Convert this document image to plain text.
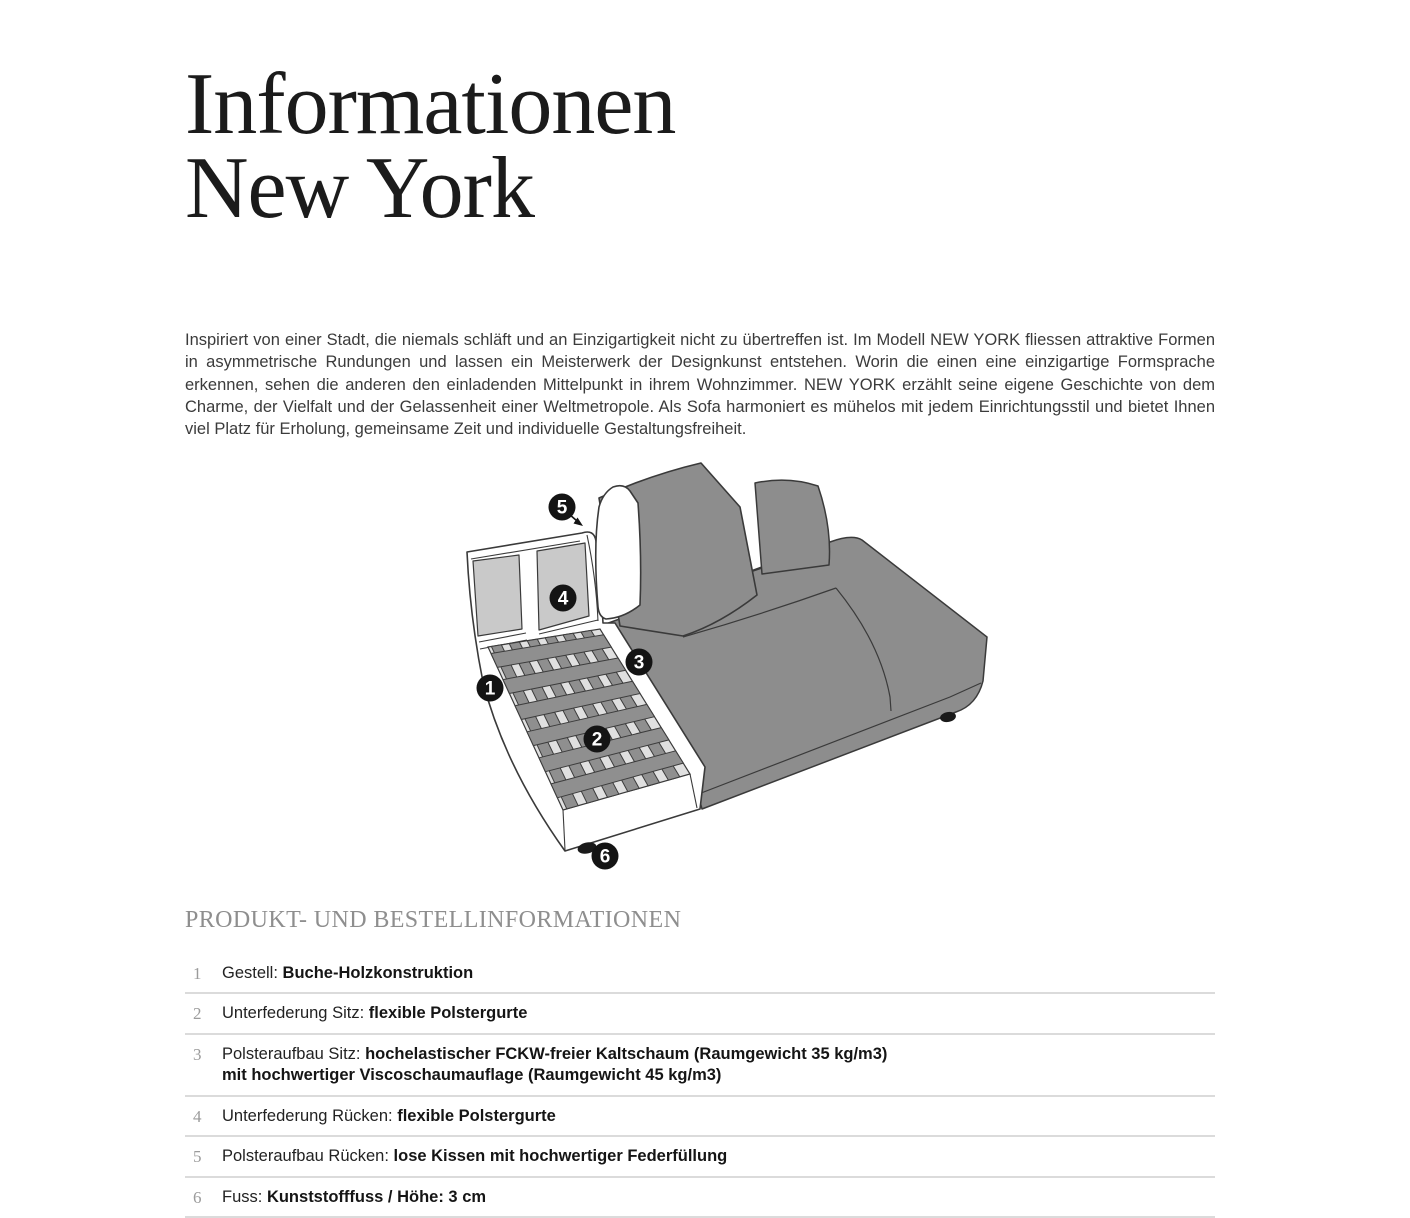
Informationen
New York

Inspiriert von einer Stadt, die niemals schläft und an Einzigartigkeit nicht zu übertreffen ist. Im Modell NEW YORK fliessen attraktive Formen in asymmetrische Rundungen und lassen ein Meisterwerk der Designkunst entstehen. Worin die einen eine einzigartige Formsprache erkennen, sehen die anderen den einladenden Mittelpunkt in ihrem Wohnzimmer. NEW YORK erzählt seine eigene Geschichte von dem Charme, der Vielfalt und der Gelassenheit einer Weltmetropole. Als Sofa harmoniert es mühelos mit jedem Einrichtungsstil und bietet Ihnen viel Platz für Erholung, gemeinsame Zeit und individuelle Gestaltungsfreiheit.

1
2
3
4
5
6
PRODUKT- UND BESTELLINFORMATIONEN
1	Gestell: Buche-Holzkonstruktion
2	Unterfederung Sitz: flexible Polstergurte
3	Polsteraufbau Sitz: hochelastischer FCKW-freier Kaltschaum (Raumgewicht 35 kg/m3)
mit hochwertiger Viscoschaumauflage (Raumgewicht 45 kg/m3)
4	Unterfederung Rücken: flexible Polstergurte
5	Polsteraufbau Rücken: lose Kissen mit hochwertiger Federfüllung
6	Fuss: Kunststofffuss / Höhe: 3 cm
